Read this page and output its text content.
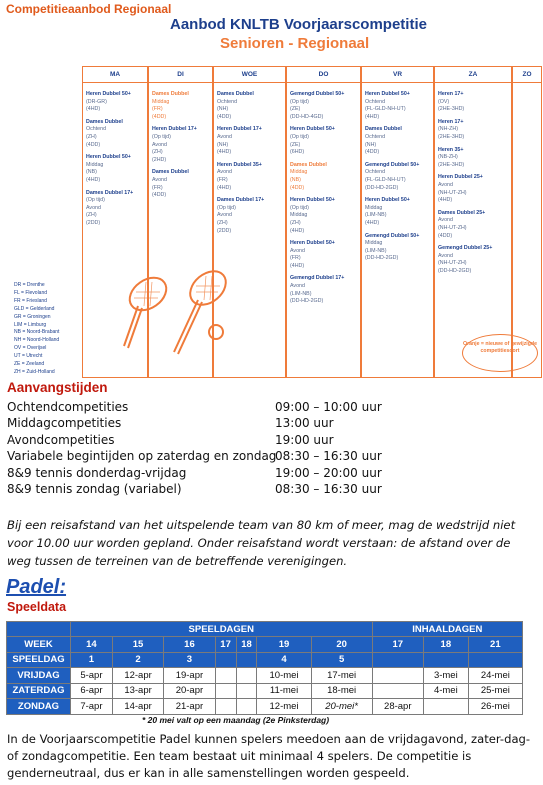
Competitieaanbod Regionaal
Aanbod KNLTB Voorjaarscompetitie
Senioren - Regionaal
MA
Heren Dubbel 50+
(DR-GR)
(4HD)
Dames Dubbel
Ochtend
(ZH)
(4DD)
Heren Dubbel 50+
Middag
(NB)
(4HD)
Dames Dubbel 17+
(Op tijd)
Avond
(ZH)
(2DD)
DI
Dames Dubbel
Middag
(FR)
(4DD)
Heren Dubbel 17+
(Op tijd)
Avond
(ZH)
(2HD)
Dames Dubbel
Avond
(FR)
(4DD)
WOE
Dames Dubbel
Ochtend
(NH)
(4DD)
Heren Dubbel 17+
Avond
(NH)
(4HD)
Heren Dubbel 35+
Avond
(FR)
(4HD)
Dames Dubbel 17+
(Op tijd)
Avond
(ZH)
(2DD)
DO
Gemengd Dubbel 50+
(Op tijd)
(ZE)
(DD-HD-4GD)
Heren Dubbel 50+
(Op tijd)
(ZE)
(6HD)
Dames Dubbel
Middag
(NB)
(4DD)
Heren Dubbel 50+
(Op tijd)
Middag
(ZH)
(4HD)
Heren Dubbel 50+
Avond
(FR)
(4HD)
Gemengd Dubbel 17+
Avond
(LIM-NB)
(DD-HD-2GD)
VR
Heren Dubbel 50+
Ochtend
(FL-GLD-NH-UT)
(4HD)
Dames Dubbel
Ochtend
(NH)
(4DD)
Gemengd Dubbel 50+
Ochtend
(FL-GLD-NH-UT)
(DD-HD-2GD)
Heren Dubbel 50+
Middag
(LIM-NB)
(4HD)
Gemengd Dubbel 50+
Middag
(LIM-NB)
(DD-HD-2GD)
ZA
Heren 17+
(OV)
(2HE-3HD)
Heren 17+
(NH-ZH)
(2HE-3HD)
Heren 35+
(NB-ZH)
(2HE-3HD)
Heren Dubbel 25+
Avond
(NH-UT-ZH)
(4HD)
Dames Dubbel 25+
Avond
(NH-UT-ZH)
(4DD)
Gemengd Dubbel 25+
Avond
(NH-UT-ZH)
(DD-HD-2GD)
ZO
DR = Drenthe
FL = Flevoland
FR = Friesland
GLD = Gelderland
GR = Groningen
LIM = Limburg
NB = Noord-Brabant
NH = Noord-Holland
OV = Overijsel
UT = Utrecht
ZE = Zeeland
ZH = Zuid-Holland
Oranje = nieuwe of gewijzigde competitiesoort
Aanvangstijden
Ochtendcompetities	09:00 – 10:00 uur
Middagcompetities	13:00 uur
Avondcompetities	19:00 uur
Variabele begintijden op zaterdag en zondag
08:30 – 16:30 uur
8&9 tennis donderdag-vrijdag	19:00 – 20:00 uur
8&9 tennis zondag (variabel)	08:30 – 16:30 uur
Bij een reisafstand van het uitspelende team van 80 km of meer, mag de wedstrijd niet voor 10.00 uur worden gepland. Onder reisafstand wordt verstaan: de afstand over de weg tussen de terreinen van de betreffende verenigingen.
Padel:
Speeldata
	SPEELDAGEN							INHAALDAGEN		
WEEK	14	15	16	17	18	19	20	17	18	21
SPEELDAG	1	2	3			4	5			
VRIJDAG	5-apr	12-apr	19-apr			10-mei	17-mei		3-mei	24-mei
ZATERDAG	6-apr	13-apr	20-apr			11-mei	18-mei		4-mei	25-mei
ZONDAG	7-apr	14-apr	21-apr			12-mei	20-mei*	28-apr		26-mei
* 20 mei valt op een maandag (2e Pinksterdag)
In de Voorjaarscompetitie Padel kunnen spelers meedoen aan de vrijdagavond, zater-dag- of zondagcompetitie. Een team bestaat uit minimaal 4 spelers. De competitie is genderneutraal, dus er kan in alle samenstellingen worden gespeeld.
